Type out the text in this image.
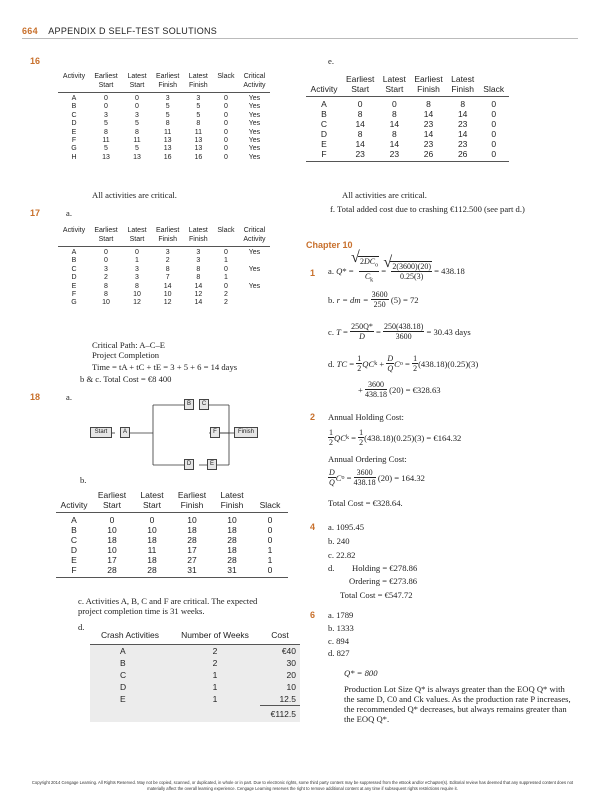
664 APPENDIX D SELF-TEST SOLUTIONS
16
Activity	Earliest	Latest	Earliest	Latest	Slack	Critical
	Start	Start	Finish	Finish		Activity
A	0	0	3	3	0	Yes
B	0	0	5	5	0	Yes
C	3	3	5	5	0	Yes
D	5	5	8	8	0	Yes
E	8	8	11	11	0	Yes
F	11	11	13	13	0	Yes
G	5	5	13	13	0	Yes
H	13	13	16	16	0	Yes
All activities are critical.
17	a.
Activity	Earliest	Latest	Earliest	Latest	Slack	Critical
	Start	Start	Finish	Finish		Activity
A	0	0	3	3	0	Yes
B	0	1	2	3	1	
C	3	3	8	8	0	Yes
D	2	3	7	8	1	
E	8	8	14	14	0	Yes
F	8	10	10	12	2	
G	10	12	12	14	2	
Critical Path: A–C–E
Project Completion
Time = tA + tC + tE = 3 + 5 + 6 = 14 days
b & c. Total Cost = €8 400
18	a.
Start	A
B	C
D	E
F	Finish
b.
	Earliest	Latest	Earliest	Latest	
Activity	Start	Start	Finish	Finish	Slack
A	0	0	10	10	0
B	10	10	18	18	0
C	18	18	28	28	0
D	10	11	17	18	1
E	17	18	27	28	1
F	28	28	31	31	0
c. Activities A, B, C and F are critical. The expected project completion time is 31 weeks.
d.
Crash Activities	Number of Weeks	Cost
A	2	€40
B	2	30
C	1	20
D	1	10
E	1	12.5
		€112.5
e.
	Earliest	Latest	Earliest	Latest	
Activity	Start	Start	Finish	Finish	Slack
A	0	0	8	8	0
B	8	8	14	14	0
C	14	14	23	23	0
D	8	8	14	14	0
E	14	14	23	23	0
F	23	23	26	26	0
All activities are critical.
f. Total added cost due to crashing €112.500 (see part d.)
Chapter 10
1 a.
Q * = √ $\frac{2DC_o}{C_k}$ = √ $\frac{2(3600)(20)}{0.25(3)}$
= 438.18
b.
r = dm =
$\frac{3600}{250}$
(5) = 72
c.
$T = \frac{250Q*}{D} = \frac{250(438.18)}{3600}$
= 30.43 days
d.
TC = $\frac{1}{2}$ QC $k + \frac{D}{Q}$ C $o = \frac{1}{2} (438.18)(0.25)(3)$
+ $\frac{3600}{438.18}$
(20) = €328.63
2 Annual Holding Cost:
$\frac{1}{2}$ QC $k = \frac{1}{2} (438.18)(0.25)(3)$ = €164.32
Annual Ordering Cost:
$\frac{D}{Q}$ C $o = \frac{3600}{438.18}$
(20) = 164.32
Total Cost = €328.64.
4 a. 1095.45
b. 240
c. 22.82
d. Holding = €278.86
Ordering = €273.86
Total Cost = €547.72
6 a. 1789
b. 1333
c. 894
d. 827
Q* = 800
Production Lot Size Q* is always greater than the EOQ Q* with the same D, C0 and Ck values. As the production rate P increases, the recommended Q* decreases, but always remains greater than the EOQ Q*.
Copyright 2014 Cengage Learning. All Rights Reserved. May not be copied, scanned, or duplicated, in whole or in part. Due to electronic rights, some third party content may be suppressed from the eBook and/or eChapter(s). Editorial review has deemed that any suppressed content does not materially affect the overall learning experience. Cengage Learning reserves the right to remove additional content at any time if subsequent rights restrictions require it.
